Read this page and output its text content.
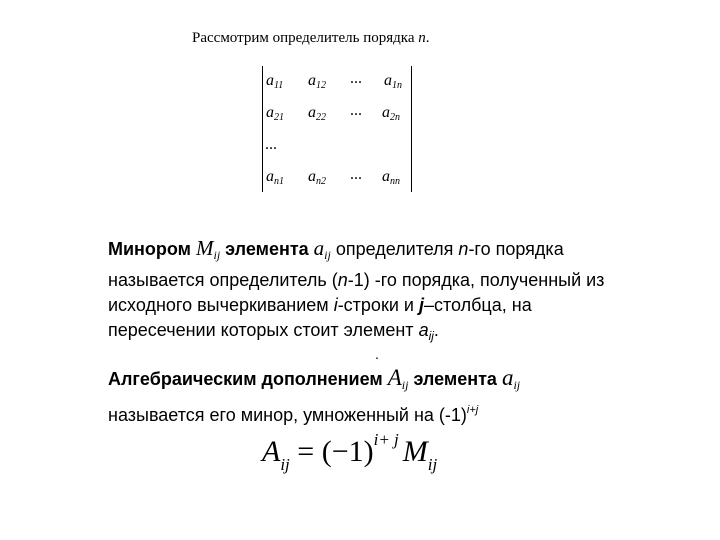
Рассмотрим определитель порядка n.
$a_{11}$ $a_{12}$ ... $a_{1n}$
$a_{21}$ $a_{22}$ ... $a_{2n}$
...
$a_{n1}$ $a_{n2}$ ... $a_{nn}$
Минором $M_{ij}$ элемента $a_{ij}$ определителя n-го порядка
называется определитель (n-1) -го порядка, полученный из
исходного вычеркиванием i-строки и j–столбца, на
пересечении которых стоит элемент $a_{ij}$.
.
Алгебраическим дополнением $A_{ij}$ элемента $a_{ij}$
называется его минор, умноженный на $(-1)^{i+j}$
$A_{ij} = (-1)^{i+ j}$ $M_{ij}$
